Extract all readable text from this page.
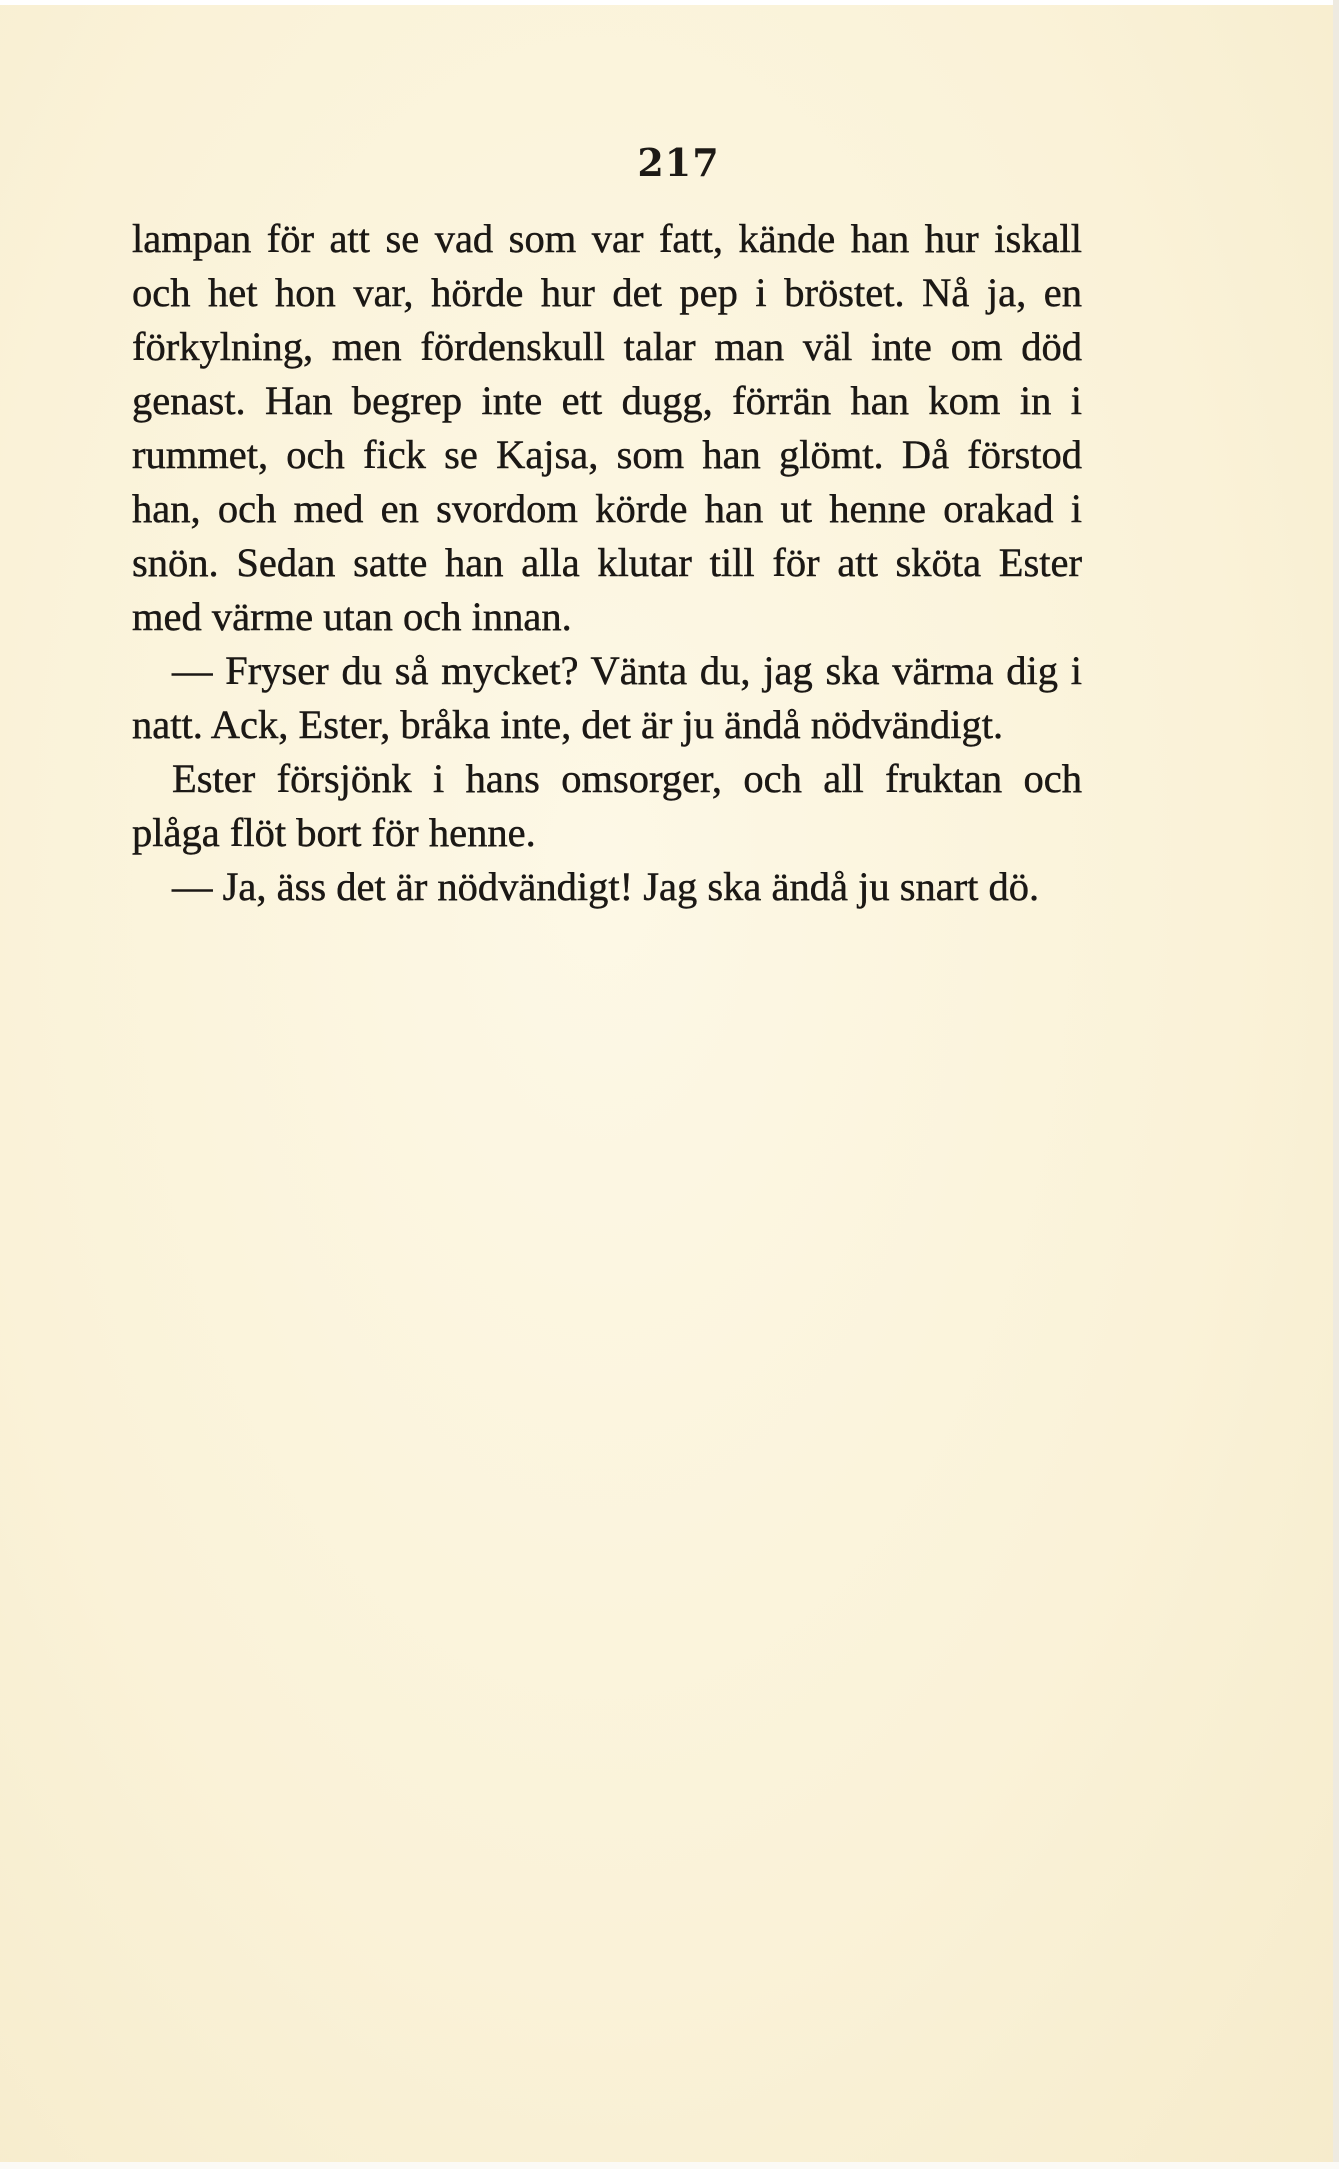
217

lampan för att se vad som var fatt, kände han hur iskall och het hon var, hörde hur det pep i bröstet. Nå ja, en förkylning, men fördenskull talar man väl inte om död genast. Han begrep inte ett dugg, förrän han kom in i rummet, och fick se Kajsa, som han glömt. Då förstod han, och med en svordom körde han ut henne orakad i snön. Sedan satte han alla klutar till för att sköta Ester med värme utan och innan.

— Fryser du så mycket? Vänta du, jag ska värma dig i natt. Ack, Ester, bråka inte, det är ju ändå nödvändigt.

Ester försjönk i hans omsorger, och all fruktan och plåga flöt bort för henne.

— Ja, äss det är nödvändigt! Jag ska ändå ju snart dö.
